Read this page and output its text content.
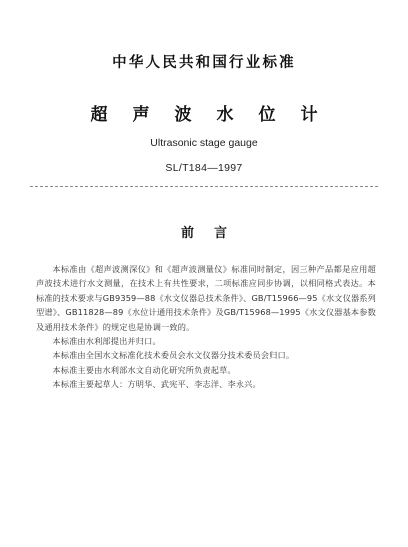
中华人民共和国行业标准
超声波水位计
Ultrasonic stage gauge
SL/T184—1997
前言

本标准由《超声波测深仪》和《超声波测量仪》标准同时制定，因三种产品都是应用超声波技术进行水文测量，在技术上有共性要求，二项标准应同步协调，以相同格式表达。本标准的技术要求与GB9359—88《水文仪器总技术条件》、GB/T15966—95《水文仪器系列型谱》、GB11828—89《水位计通用技术条件》及GB/T15968—1995《水文仪器基本参数及通用技术条件》的规定也是协调一致的。

本标准由水利部提出并归口。

本标准由全国水文标准化技术委员会水文仪器分技术委员会归口。

本标准主要由水利部水文自动化研究所负责起草。

本标准主要起草人：方明华、武宪平、李志洋、李永兴。
